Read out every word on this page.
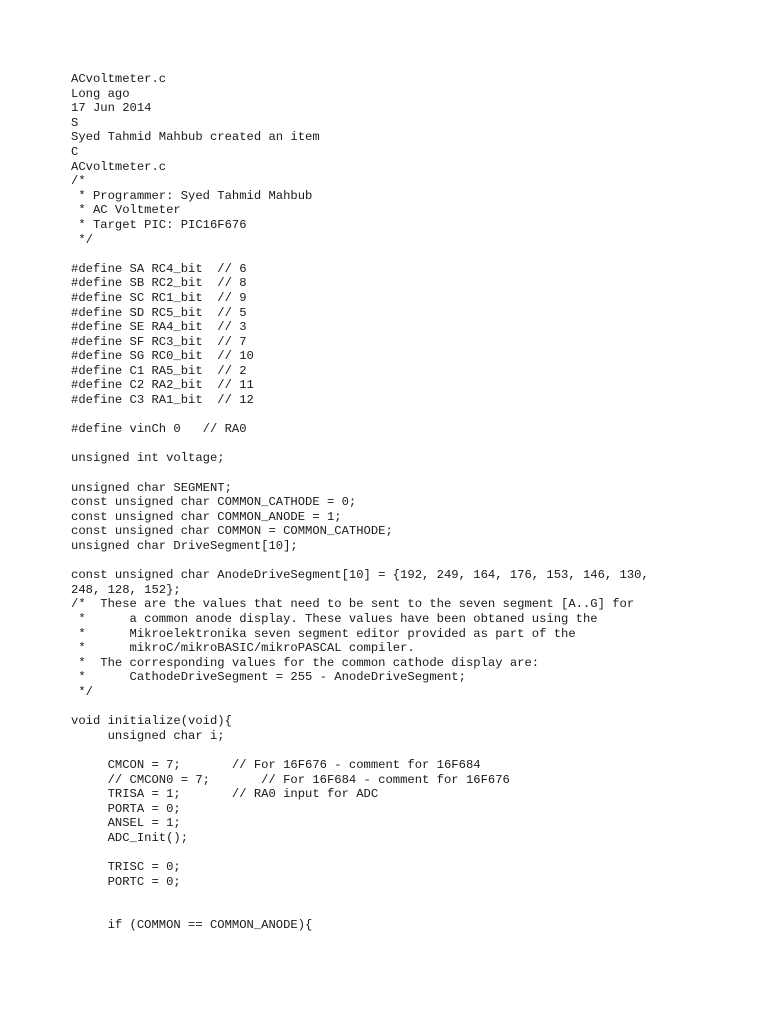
ACvoltmeter.c
Long ago
17 Jun 2014
S
Syed Tahmid Mahbub created an item
C
ACvoltmeter.c
/*
* Programmer: Syed Tahmid Mahbub
* AC Voltmeter
* Target PIC: PIC16F676
*/
#define SA RC4_bit  // 6
#define SB RC2_bit  // 8
#define SC RC1_bit  // 9
#define SD RC5_bit  // 5
#define SE RA4_bit  // 3
#define SF RC3_bit  // 7
#define SG RC0_bit  // 10
#define C1 RA5_bit  // 2
#define C2 RA2_bit  // 11
#define C3 RA1_bit  // 12
#define vinCh 0   // RA0
unsigned int voltage;
unsigned char SEGMENT;
const unsigned char COMMON_CATHODE = 0;
const unsigned char COMMON_ANODE = 1;
const unsigned char COMMON = COMMON_CATHODE;
unsigned char DriveSegment[10];
const unsigned char AnodeDriveSegment[10] = {192, 249, 164, 176, 153, 146, 130,
248, 128, 152};
/*  These are the values that need to be sent to the seven segment [A..G] for
*      a common anode display. These values have been obtaned using the
*      Mikroelektronika seven segment editor provided as part of the
*      mikroC/mikroBASIC/mikroPASCAL compiler.
*  The corresponding values for the common cathode display are:
*      CathodeDriveSegment = 255 - AnodeDriveSegment;
*/
void initialize(void){
unsigned char i;
CMCON = 7;       // For 16F676 - comment for 16F684
// CMCON0 = 7;       // For 16F684 - comment for 16F676
TRISA = 1;       // RA0 input for ADC
PORTA = 0;
ANSEL = 1;
ADC_Init();
TRISC = 0;
PORTC = 0;
if (COMMON == COMMON_ANODE){
